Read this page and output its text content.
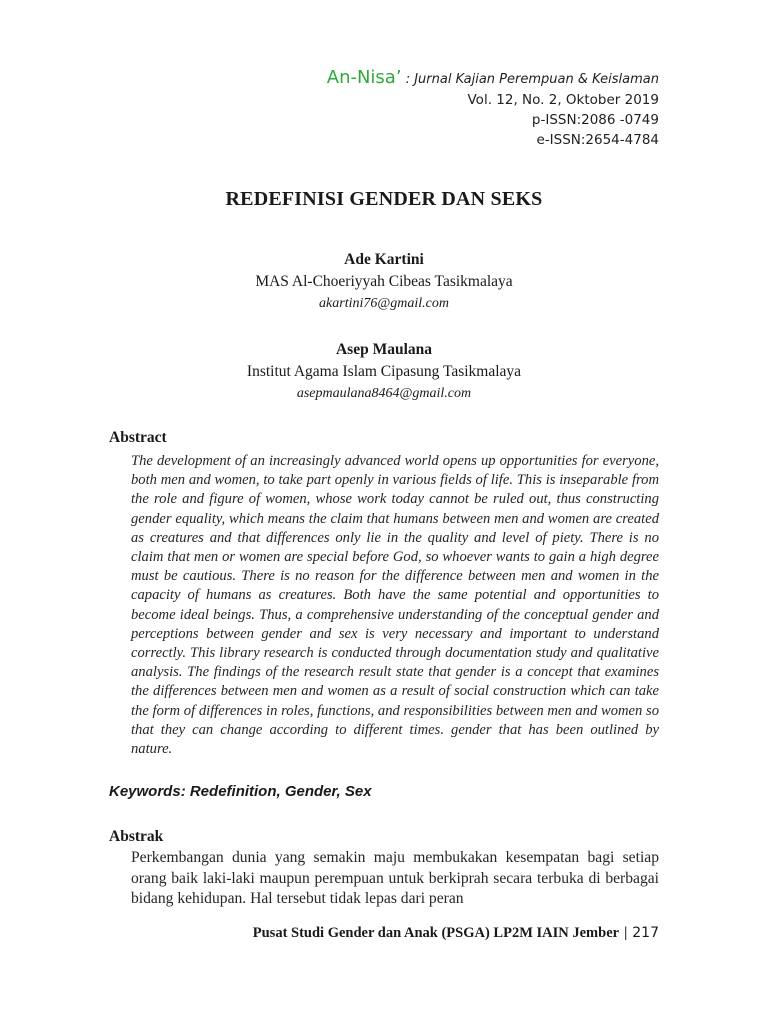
An-Nisa’ : Jurnal Kajian Perempuan & Keislaman
Vol. 12, No. 2, Oktober 2019
p-ISSN:2086 -0749
e-ISSN:2654-4784
REDEFINISI GENDER DAN SEKS
Ade Kartini
MAS Al-Choeriyyah Cibeas Tasikmalaya
akartini76@gmail.com
Asep Maulana
Institut Agama Islam Cipasung Tasikmalaya
asepmaulana8464@gmail.com
Abstract
The development of an increasingly advanced world opens up opportunities for everyone, both men and women, to take part openly in various fields of life. This is inseparable from the role and figure of women, whose work today cannot be ruled out, thus constructing gender equality, which means the claim that humans between men and women are created as creatures and that differences only lie in the quality and level of piety. There is no claim that men or women are special before God, so whoever wants to gain a high degree must be cautious. There is no reason for the difference between men and women in the capacity of humans as creatures. Both have the same potential and opportunities to become ideal beings. Thus, a comprehensive understanding of the conceptual gender and perceptions between gender and sex is very necessary and important to understand correctly. This library research is conducted through documentation study and qualitative analysis. The findings of the research result state that gender is a concept that examines the differences between men and women as a result of social construction which can take the form of differences in roles, functions, and responsibilities between men and women so that they can change according to different times. gender that has been outlined by nature.
Keywords: Redefinition, Gender, Sex
Abstrak
Perkembangan dunia yang semakin maju membukakan kesempatan bagi setiap orang baik laki-laki maupun perempuan untuk berkiprah secara terbuka di berbagai bidang kehidupan. Hal tersebut tidak lepas dari peran
Pusat Studi Gender dan Anak (PSGA) LP2M IAIN Jember | 217
